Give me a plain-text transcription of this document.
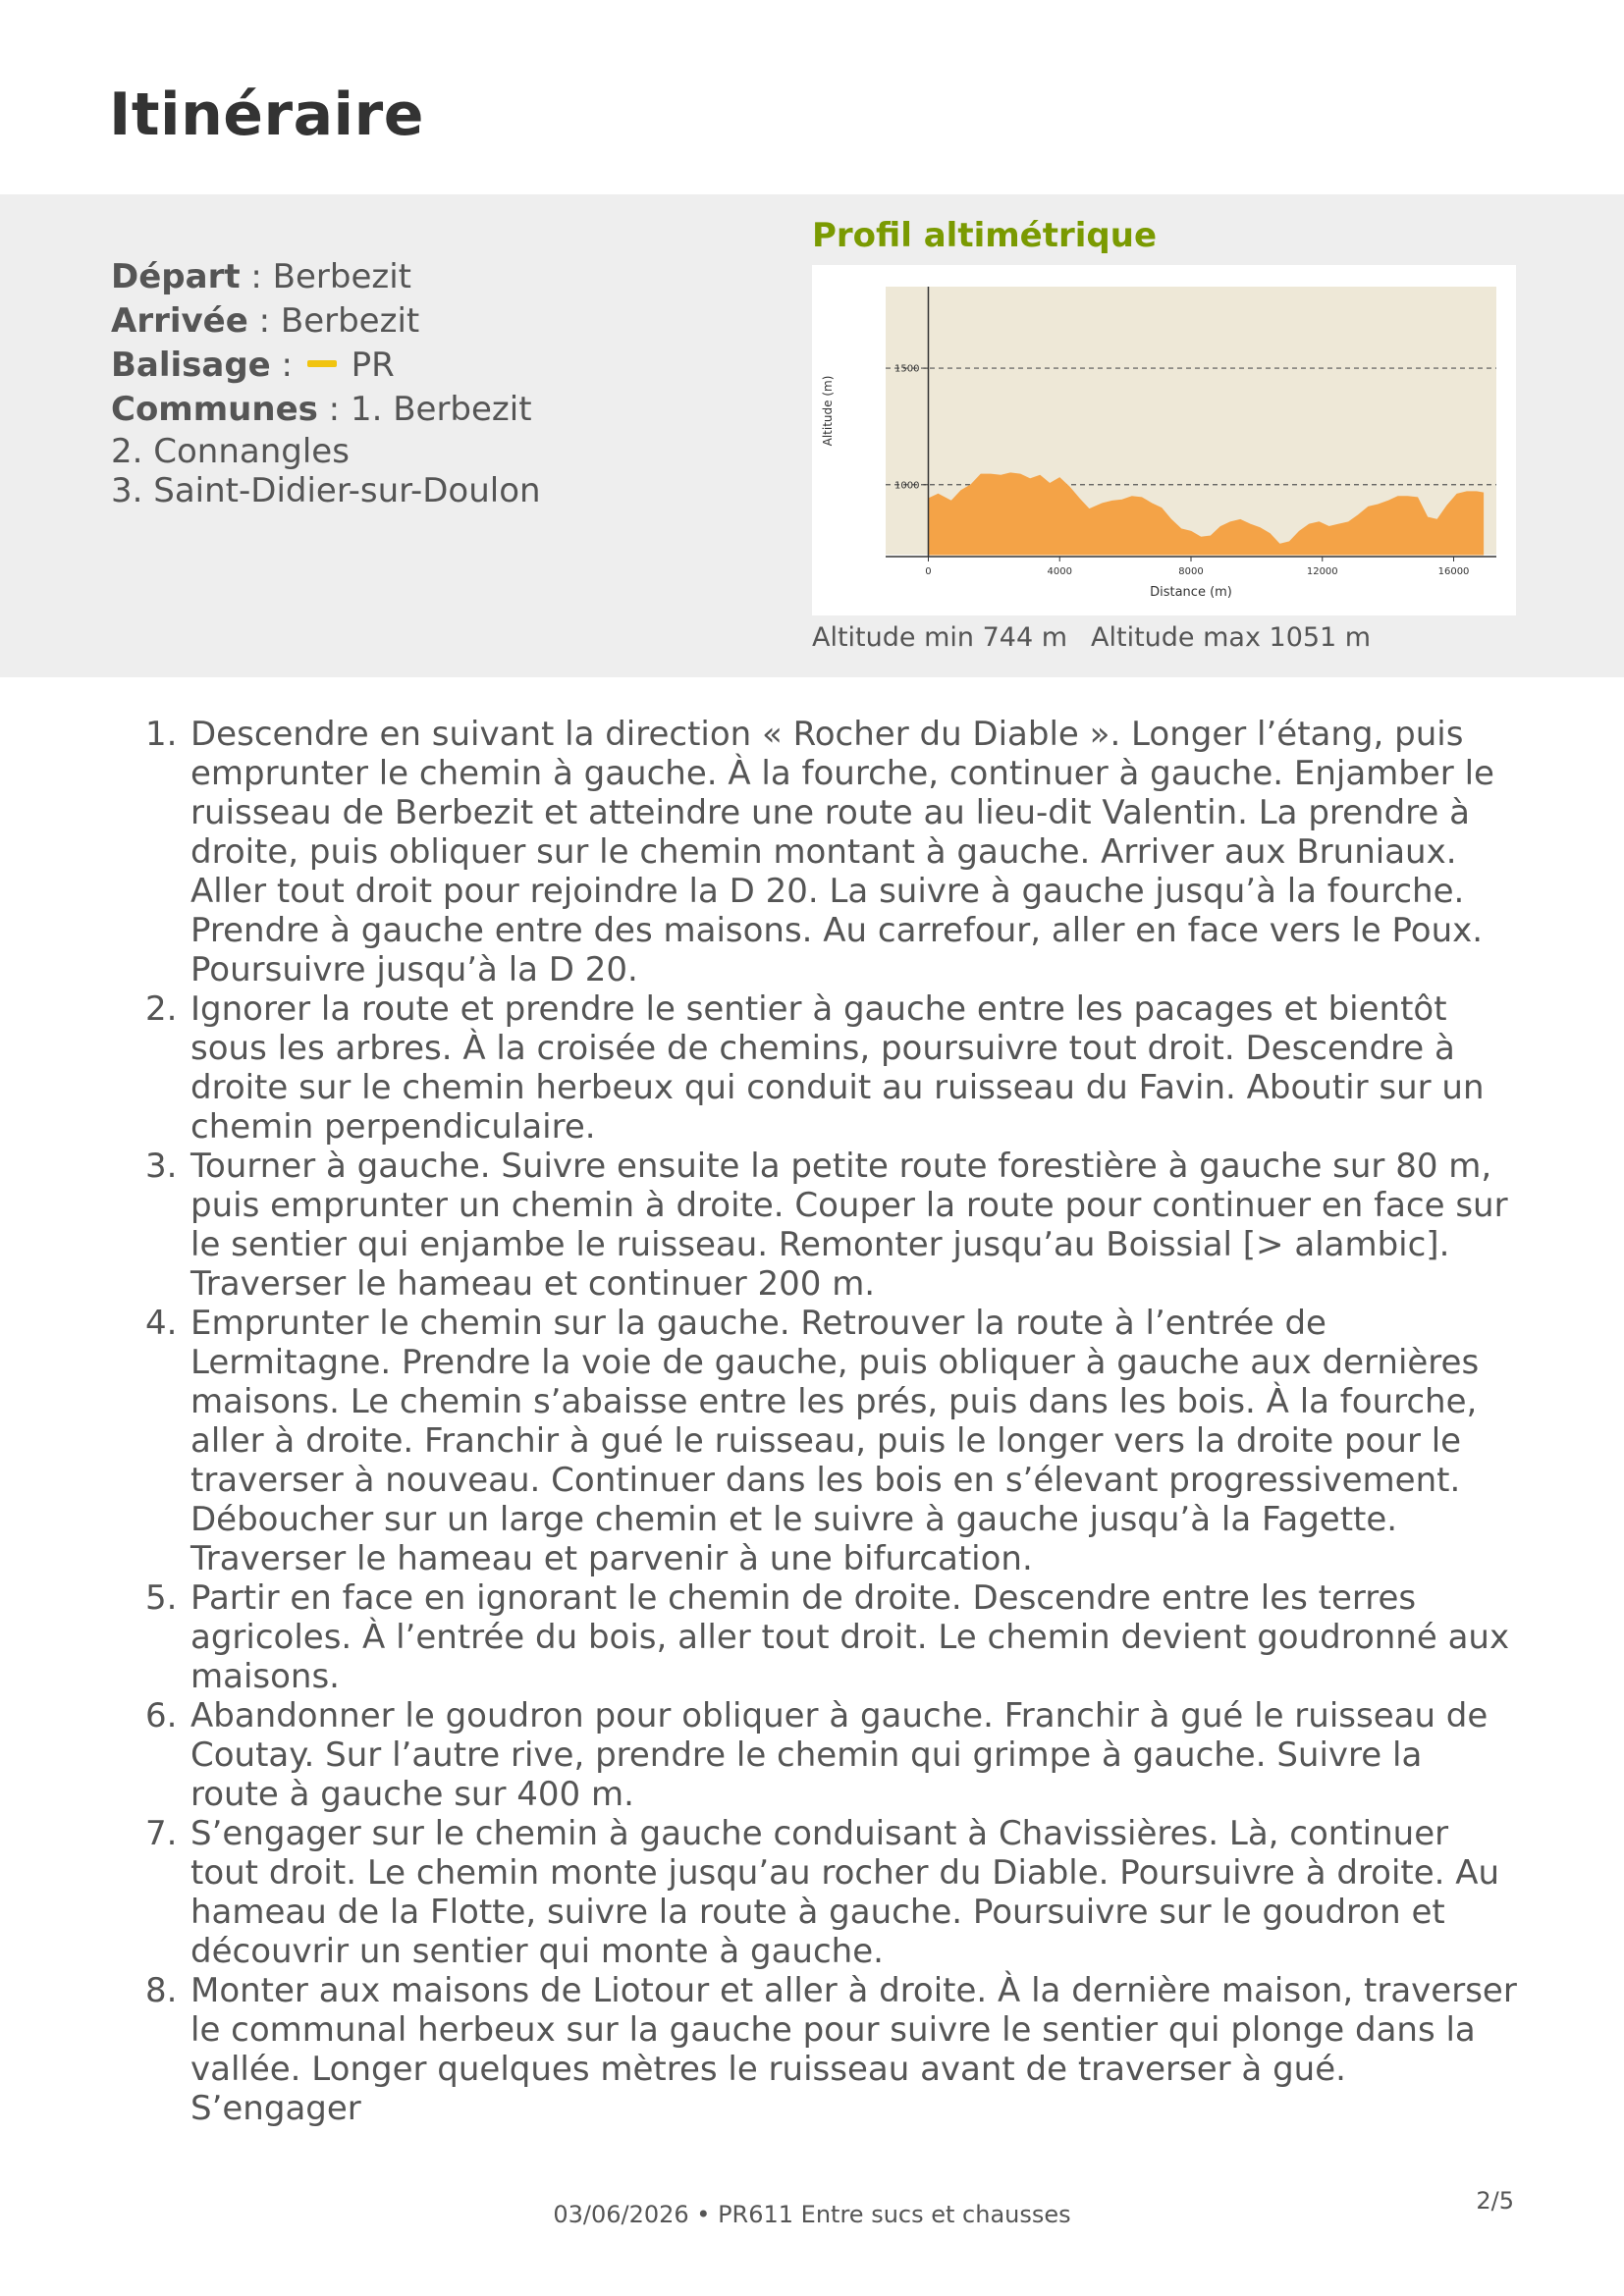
Itinéraire
Départ : Berbezit
Arrivée : Berbezit
Balisage :  PR
Communes : 1. Berbezit
2. Connangles
3. Saint-Didier-sur-Doulon
Profil altimétrique
0	4000	8000	12000	16000
1000
1500
Distance (m)
Altitude (m)
Altitude min 744 m Altitude max 1051 m
1. Descendre en suivant la direction « Rocher du Diable ». Longer l’étang, puis emprunter le chemin à gauche. À la fourche, continuer à gauche. Enjamber le ruisseau de Berbezit et atteindre une route au lieu-dit Valentin. La prendre à droite, puis obliquer sur le chemin montant à gauche. Arriver aux Bruniaux. Aller tout droit pour rejoindre la D 20. La suivre à gauche jusqu’à la fourche. Prendre à gauche entre des maisons. Au carrefour, aller en face vers le Poux. Poursuivre jusqu’à la D 20.
2. Ignorer la route et prendre le sentier à gauche entre les pacages et bientôt sous les arbres. À la croisée de chemins, poursuivre tout droit. Descendre à droite sur le chemin herbeux qui conduit au ruisseau du Favin. Aboutir sur un chemin perpendiculaire.
3. Tourner à gauche. Suivre ensuite la petite route forestière à gauche sur 80 m, puis emprunter un chemin à droite. Couper la route pour continuer en face sur le sentier qui enjambe le ruisseau. Remonter jusqu’au Boissial [> alambic]. Traverser le hameau et continuer 200 m.
4. Emprunter le chemin sur la gauche. Retrouver la route à l’entrée de Lermitagne. Prendre la voie de gauche, puis obliquer à gauche aux dernières maisons. Le chemin s’abaisse entre les prés, puis dans les bois. À la fourche, aller à droite. Franchir à gué le ruisseau, puis le longer vers la droite pour le traverser à nouveau. Continuer dans les bois en s’élevant progressivement. Déboucher sur un large chemin et le suivre à gauche jusqu’à la Fagette. Traverser le hameau et parvenir à une bifurcation.
5. Partir en face en ignorant le chemin de droite. Descendre entre les terres agricoles. À l’entrée du bois, aller tout droit. Le chemin devient goudronné aux maisons.
6. Abandonner le goudron pour obliquer à gauche. Franchir à gué le ruisseau de Coutay. Sur l’autre rive, prendre le chemin qui grimpe à gauche. Suivre la route à gauche sur 400 m.
7. S’engager sur le chemin à gauche conduisant à Chavissières. Là, continuer tout droit. Le chemin monte jusqu’au rocher du Diable. Poursuivre à droite. Au hameau de la Flotte, suivre la route à gauche. Poursuivre sur le goudron et découvrir un sentier qui monte à gauche.
8. Monter aux maisons de Liotour et aller à droite. À la dernière maison, traverser le communal herbeux sur la gauche pour suivre le sentier qui plonge dans la vallée. Longer quelques mètres le ruisseau avant de traverser à gué. S’engager
03/06/2026 • PR611 Entre sucs et chausses	2/5
